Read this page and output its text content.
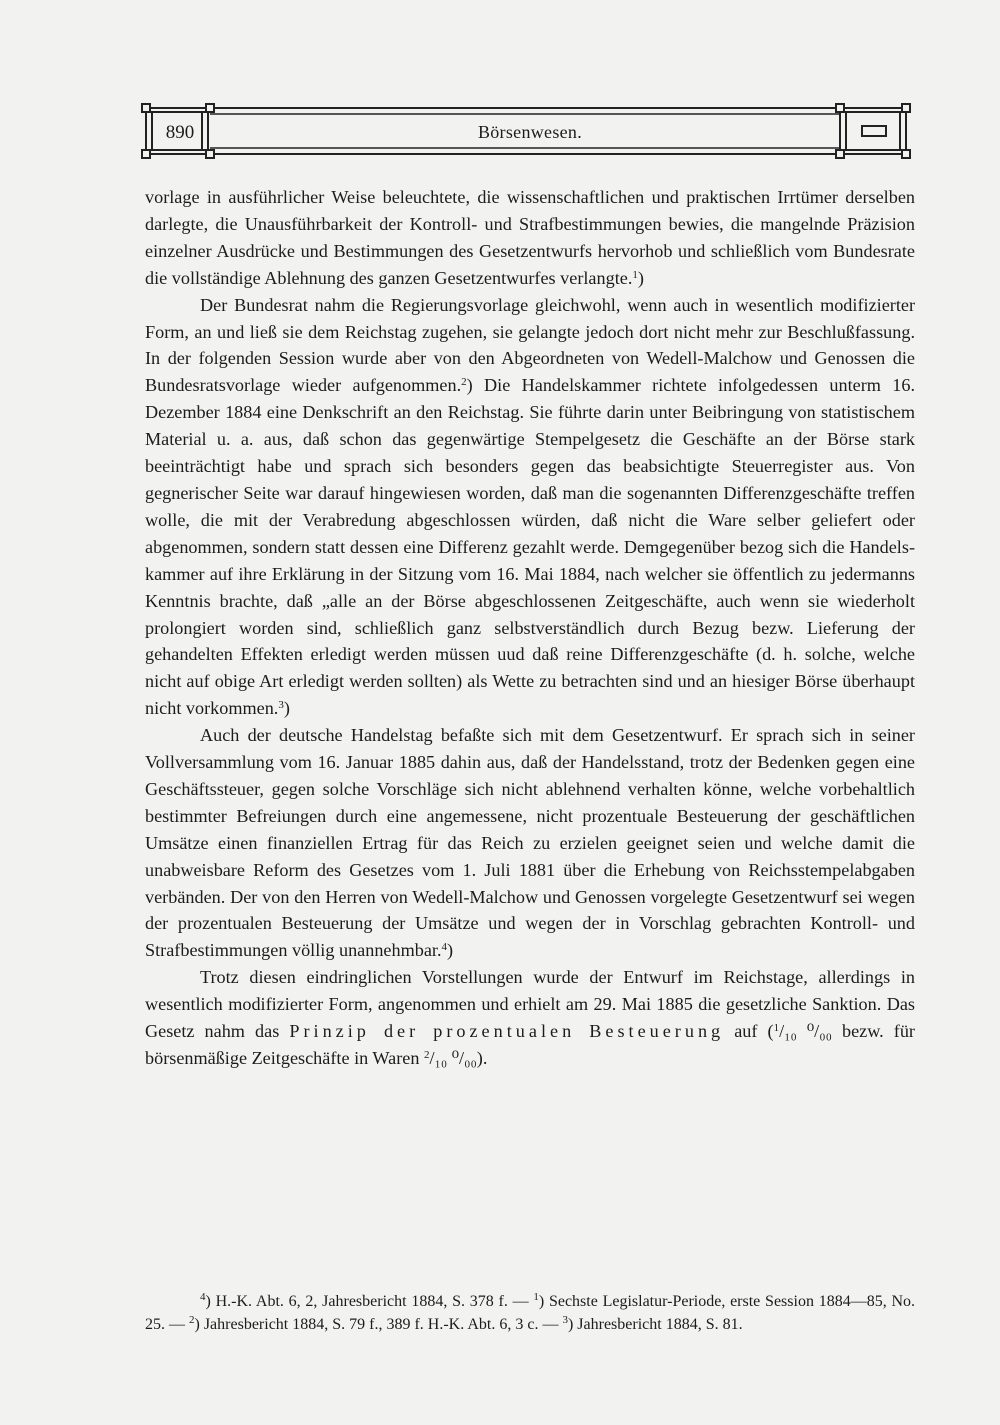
890	Börsenwesen.

vorlage in ausführlicher Weise beleuchtete, die wissenschaftlichen und praktischen Irrtümer derselben darlegte, die Unausführbarkeit der Kontroll- und Strafbestimmungen bewies, die mangelnde Präzision einzelner Ausdrücke und Bestimmungen des Gesetzentwurfs hervorhob und schließlich vom Bundesrate die vollständige Ablehnung des ganzen Gesetzentwurfes verlangte.$^1$)

Der Bundesrat nahm die Regierungsvorlage gleichwohl, wenn auch in wesentlich modifizierter Form, an und ließ sie dem Reichstag zugehen, sie gelangte jedoch dort nicht mehr zur Beschlußfassung. In der folgenden Session wurde aber von den Abgeordneten von Wedell-Malchow und Genossen die Bundesratsvorlage wieder aufgenommen.$^2$) Die Handelskammer richtete infolgedessen unterm 16. Dezember 1884 eine Denkschrift an den Reichstag. Sie führte darin unter Beibringung von statistischem Material u. a. aus, daß schon das gegenwärtige Stempelgesetz die Geschäfte an der Börse stark beeinträchtigt habe und sprach sich besonders gegen das beabsichtigte Steuerregister aus. Von gegnerischer Seite war darauf hingewiesen worden, daß man die sogenannten Differenzgeschäfte treffen wolle, die mit der Verabredung abgeschlossen würden, daß nicht die Ware selber geliefert oder abgenommen, sondern statt dessen eine Differenz gezahlt werde. Demgegenüber bezog sich die Handelskammer auf ihre Erklärung in der Sitzung vom 16. Mai 1884, nach welcher sie öffentlich zu jedermanns Kenntnis brachte, daß „alle an der Börse abgeschlossenen Zeitgeschäfte, auch wenn sie wiederholt prolongiert worden sind, schließlich ganz selbstverständlich durch Bezug bezw. Lieferung der gehandelten Effekten erledigt werden müssen uud daß reine Differenzgeschäfte (d. h. solche, welche nicht auf obige Art erledigt werden sollten) als Wette zu betrachten sind und an hiesiger Börse überhaupt nicht vorkommen.$^3$)

Auch der deutsche Handelstag befaßte sich mit dem Gesetzentwurf. Er sprach sich in seiner Vollversammlung vom 16. Januar 1885 dahin aus, daß der Handelsstand, trotz der Bedenken gegen eine Geschäftssteuer, gegen solche Vorschläge sich nicht ablehnend verhalten könne, welche vorbehaltlich bestimmter Befreiungen durch eine angemessene, nicht prozentuale Besteuerung der geschäftlichen Umsätze einen finanziellen Ertrag für das Reich zu erzielen geeignet seien und welche damit die unabweisbare Reform des Gesetzes vom 1. Juli 1881 über die Erhebung von Reichsstempelabgaben verbänden. Der von den Herren von Wedell-Malchow und Genossen vorgelegte Gesetzentwurf sei wegen der prozentualen Besteuerung der Umsätze und wegen der in Vorschlag gebrachten Kontroll- und Strafbestimmungen völlig unannehmbar.$^4$)

Trotz diesen eindringlichen Vorstellungen wurde der Entwurf im Reichstage, allerdings in wesentlich modifizierter Form, angenommen und erhielt am 29. Mai 1885 die gesetzliche Sanktion. Das Gesetz nahm das Prinzip der prozentualen Besteuerung auf ($^1$/₁₀ ⁰/₀₀ bezw. für börsenmäßige Zeitgeschäfte in Waren $^2$/₁₀ ⁰/₀₀).

$^4$) H.-K. Abt. 6, 2, Jahresbericht 1884, S. 378 f. — $^1$) Sechste Legislatur-Periode, erste Session 1884—85, No. 25. — $^2$) Jahresbericht 1884, S. 79 f., 389 f. H.-K. Abt. 6, 3 c. — $^3$) Jahresbericht 1884, S. 81.
